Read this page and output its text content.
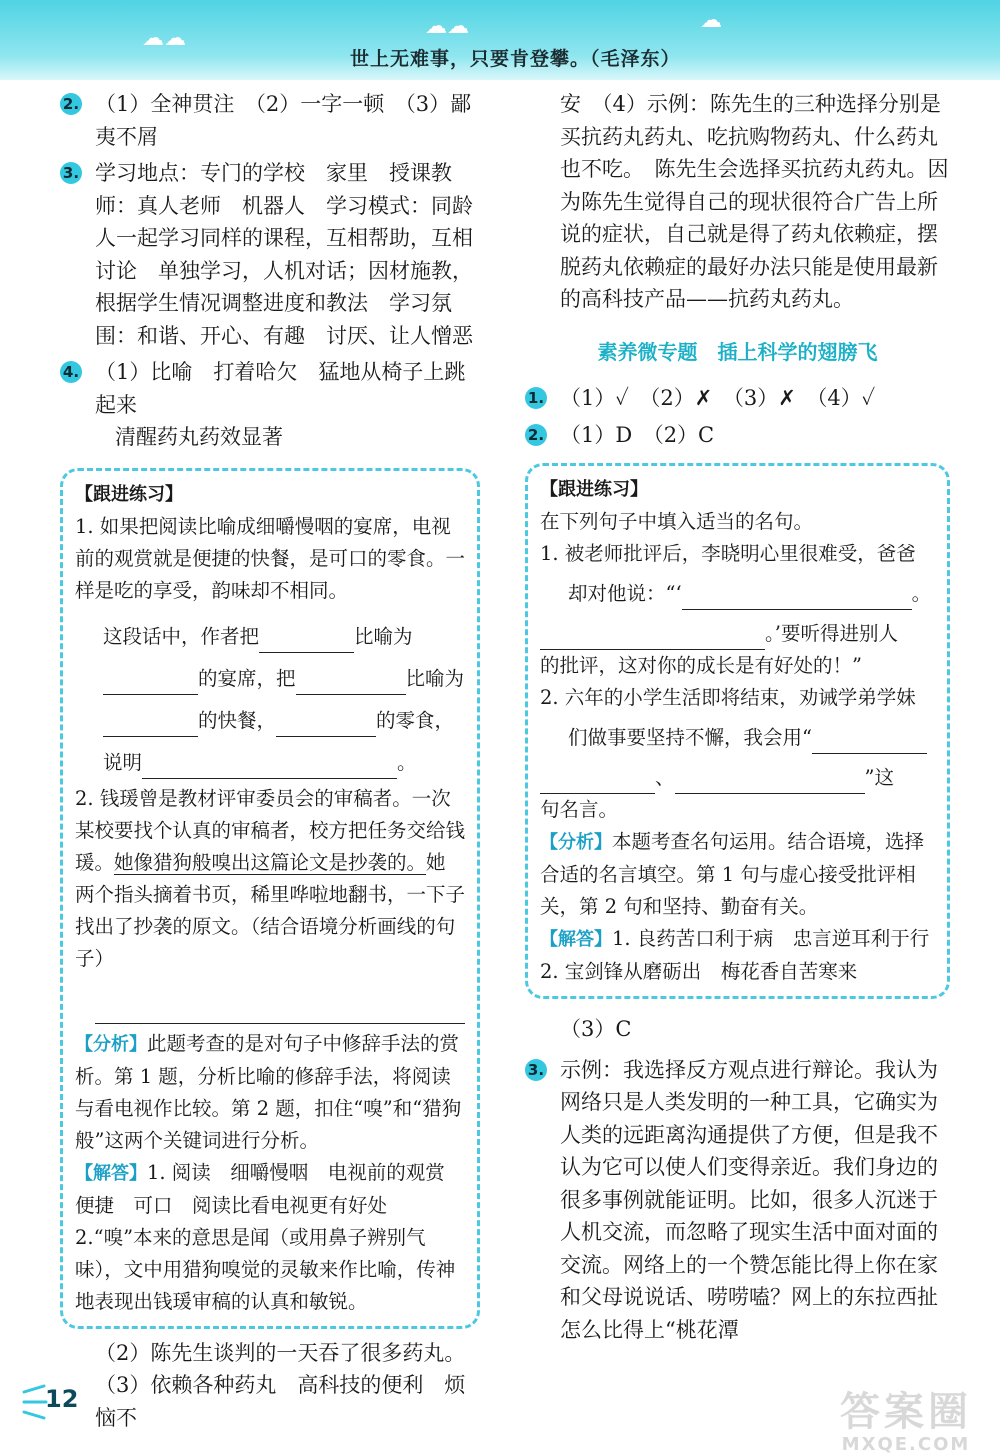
☁☁	☁☁	☁
世上无难事，只要肯登攀。（毛泽东）
2. （1）全神贯注　（2）一字一顿　（3）鄙夷不屑

3. 学习地点：专门的学校　家里　授课教师：真人老师　机器人　学习模式：同龄人一起学习同样的课程，互相帮助，互相讨论　单独学习，人机对话；因材施教，根据学生情况调整进度和教法　学习氛围：和谐、开心、有趣　讨厌、让人憎恶

4. （1）比喻　打着哈欠　猛地从椅子上跳起来

清醒药丸药效显著

【跟进练习】

1. 如果把阅读比喻成细嚼慢咽的宴席，电视前的观赏就是便捷的快餐，是可口的零食。一样是吃的享受，韵味却不相同。

这段话中，作者把	比喻为
的宴席，把	比喻为
的快餐，	的零食，
说明	。

2. 钱瑗曾是教材评审委员会的审稿者。一次某校要找个认真的审稿者，校方把任务交给钱瑗。她像猎狗般嗅出这篇论文是抄袭的。她两个指头摘着书页，稀里哗啦地翻书，一下子找出了抄袭的原文。（结合语境分析画线的句子）

【分析】此题考查的是对句子中修辞手法的赏析。第 1 题，分析比喻的修辞手法，将阅读与看电视作比较。第 2 题，扣住“嗅”和“猎狗般”这两个关键词进行分析。

【解答】1. 阅读　细嚼慢咽　电视前的观赏　便捷　可口　阅读比看电视更有好处

2.“嗅”本来的意思是闻（或用鼻子辨别气味），文中用猎狗嗅觉的灵敏来作比喻，传神地表现出钱瑗审稿的认真和敏锐。

（2）陈先生谈判的一天吞了很多药丸。

（3）依赖各种药丸　高科技的便利　烦恼不

安　（4）示例：陈先生的三种选择分别是买抗药丸药丸、吃抗购物药丸、什么药丸也不吃。　陈先生会选择买抗药丸药丸。因为陈先生觉得自己的现状很符合广告上所说的症状，自己就是得了药丸依赖症，摆脱药丸依赖症的最好办法只能是使用最新的高科技产品——抗药丸药丸。

素养微专题　插上科学的翅膀飞
1. （1）✓　（2）✗　（3）✗　（4）✓

2. （1）D　（2）C

【跟进练习】

在下列句子中填入适当的名句。

1. 被老师批评后，李晓明心里很难受，爸爸

却对他说：“‘	。
。’要听得进别人

的批评，这对你的成长是有好处的！”

2. 六年的小学生活即将结束，劝诫学弟学妹

们做事要坚持不懈，我会用“
、	”这

句名言。

【分析】本题考查名句运用。结合语境，选择合适的名言填空。第 1 句与虚心接受批评相关，第 2 句和坚持、勤奋有关。

【解答】1. 良药苦口利于病　忠言逆耳利于行

2. 宝剑锋从磨砺出　梅花香自苦寒来

（3）C

3. 示例：我选择反方观点进行辩论。我认为网络只是人类发明的一种工具，它确实为人类的远距离沟通提供了方便，但是我不认为它可以使人们变得亲近。我们身边的很多事例就能证明。比如，很多人沉迷于人机交流，而忽略了现实生活中面对面的交流。网络上的一个赞怎能比得上你在家和父母说说话、唠唠嗑？网上的东拉西扯怎么比得上“桃花潭

12	答案圈
MXQE.COM
